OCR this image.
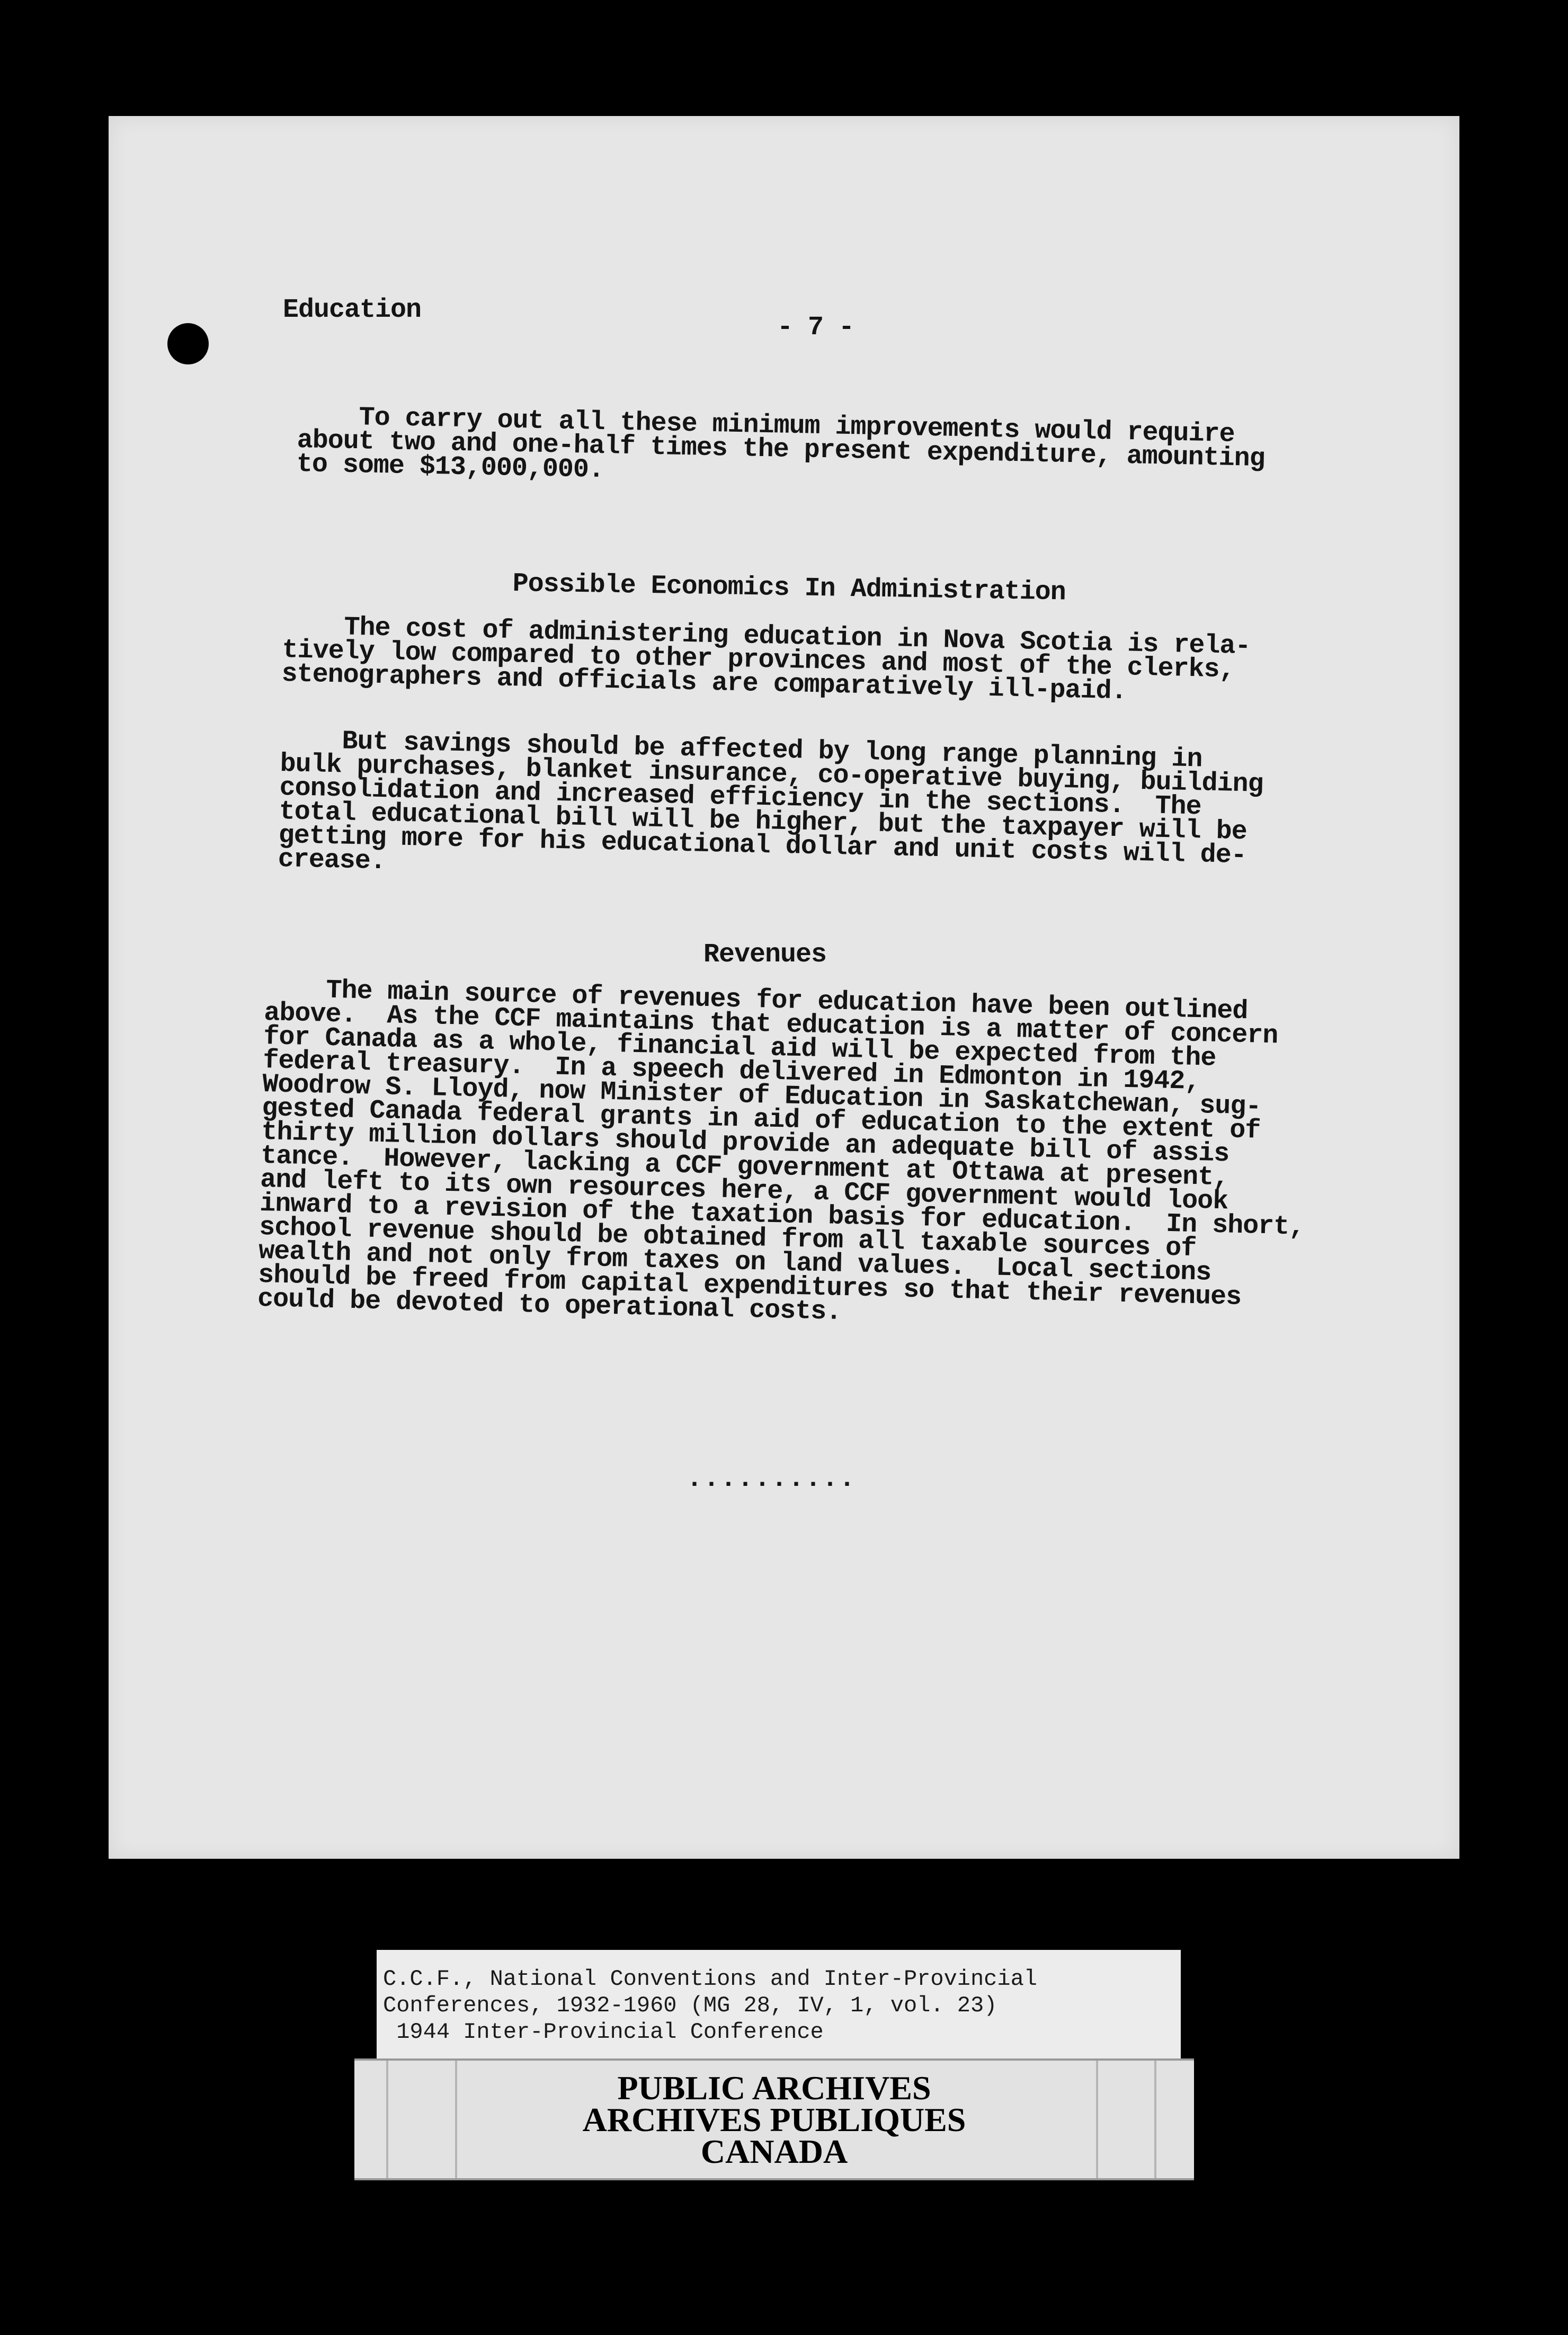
Education
- 7 -
To carry out all these minimum improvements would require
about two and one-half times the present expenditure, amounting
to some $13,000,000.
Possible Economics In Administration
The cost of administering education in Nova Scotia is rela-
tively low compared to other provinces and most of the clerks,
stenographers and officials are comparatively ill-paid.
But savings should be affected by long range planning in
bulk purchases, blanket insurance, co-operative buying, building
consolidation and increased efficiency in the sections.  The
total educational bill will be higher, but the taxpayer will be
getting more for his educational dollar and unit costs will de-
crease.
Revenues
The main source of revenues for education have been outlined
above.  As the CCF maintains that education is a matter of concern
for Canada as a whole, financial aid will be expected from the
federal treasury.  In a speech delivered in Edmonton in 1942,
Woodrow S. Lloyd, now Minister of Education in Saskatchewan, sug-
gested Canada federal grants in aid of education to the extent of
thirty million dollars should provide an adequate bill of assis
tance.  However, lacking a CCF government at Ottawa at present,
and left to its own resources here, a CCF government would look
inward to a revision of the taxation basis for education.  In short,
school revenue should be obtained from all taxable sources of
wealth and not only from taxes on land values.  Local sections
should be freed from capital expenditures so that their revenues
could be devoted to operational costs.
..........
C.C.F., National Conventions and Inter-Provincial
Conferences, 1932-1960 (MG 28, IV, 1, vol. 23)
1944 Inter-Provincial Conference
PUBLIC ARCHIVES
ARCHIVES PUBLIQUES
CANADA
